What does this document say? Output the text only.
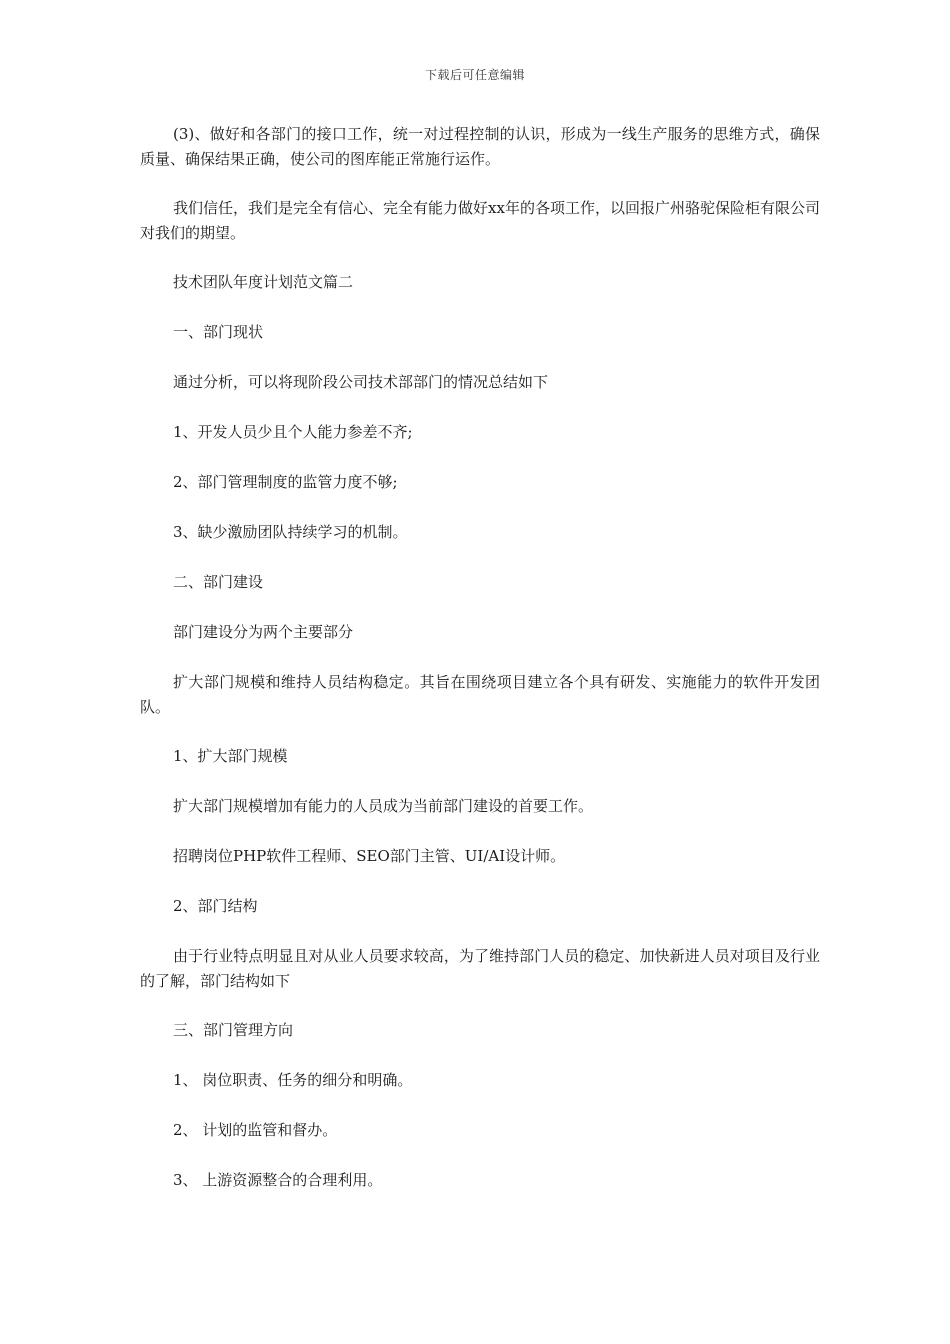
下载后可任意编辑

(3)、做好和各部门的接口工作，统一对过程控制的认识，形成为一线生产服务的思维方式，确保质量、确保结果正确，使公司的图库能正常施行运作。

我们信任，我们是完全有信心、完全有能力做好xx年的各项工作，以回报广州骆驼保险柜有限公司对我们的期望。

技术团队年度计划范文篇二

一、部门现状

通过分析，可以将现阶段公司技术部部门的情况总结如下

1、开发人员少且个人能力参差不齐;

2、部门管理制度的监管力度不够;

3、缺少激励团队持续学习的机制。

二、部门建设

部门建设分为两个主要部分

扩大部门规模和维持人员结构稳定。其旨在围绕项目建立各个具有研发、实施能力的软件开发团队。

1、扩大部门规模

扩大部门规模增加有能力的人员成为当前部门建设的首要工作。

招聘岗位PHP软件工程师、SEO部门主管、UI/AI设计师。

2、部门结构

由于行业特点明显且对从业人员要求较高，为了维持部门人员的稳定、加快新进人员对项目及行业的了解，部门结构如下

三、部门管理方向

1、 岗位职责、任务的细分和明确。

2、 计划的监管和督办。

3、 上游资源整合的合理利用。
